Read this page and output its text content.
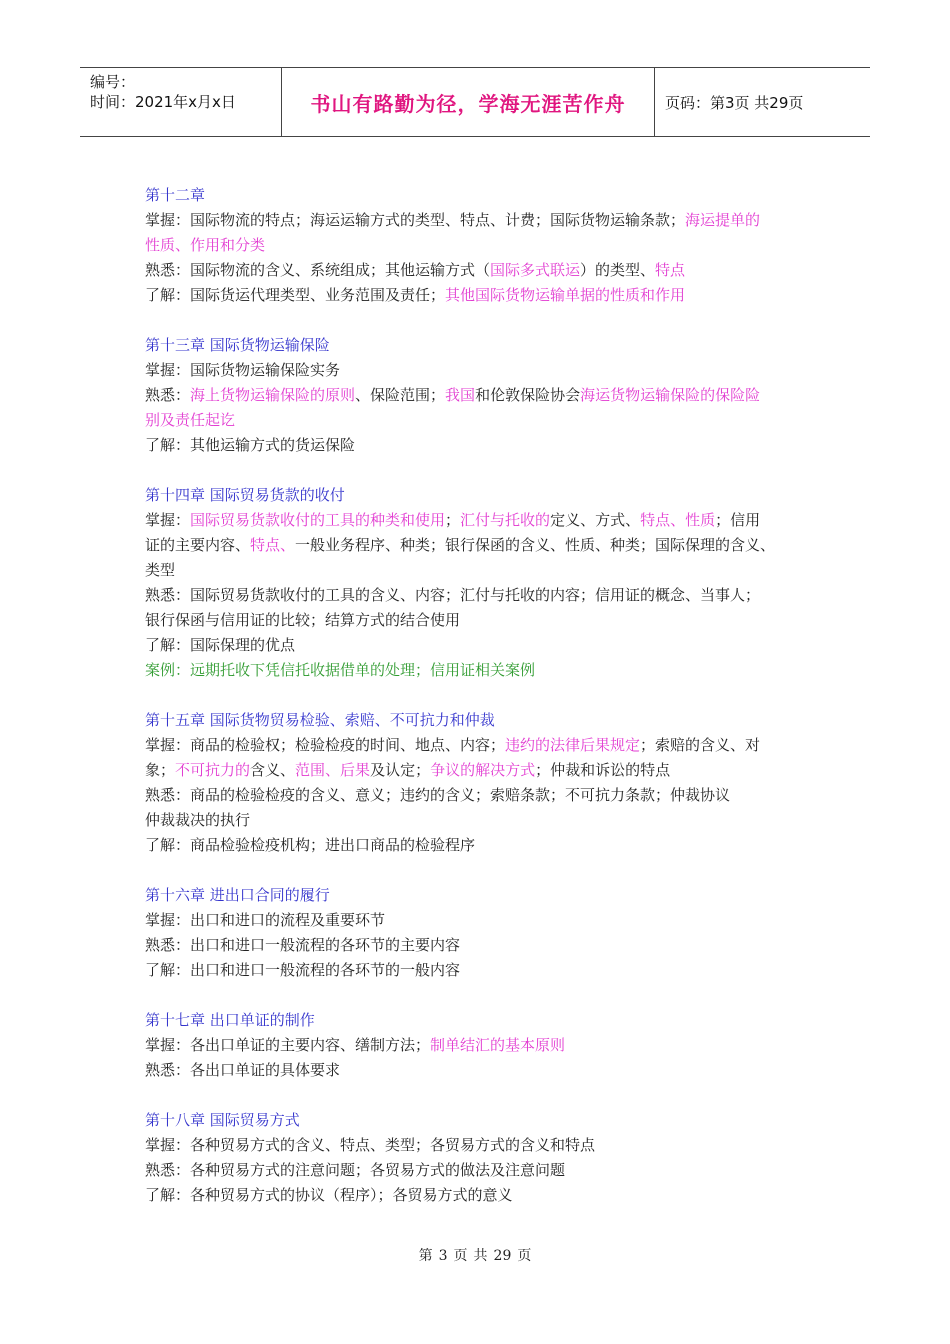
编号：
时间：2021年x月x日	书山有路勤为径，学海无涯苦作舟	页码：第3页 共29页
第十二章
掌握：国际物流的特点；海运运输方式的类型、特点、计费；国际货物运输条款；海运提单的
性质、作用和分类
熟悉：国际物流的含义、系统组成；其他运输方式（国际多式联运）的类型、特点
了解：国际货运代理类型、业务范围及责任；其他国际货物运输单据的性质和作用
第十三章 国际货物运输保险
掌握：国际货物运输保险实务
熟悉：海上货物运输保险的原则、保险范围；我国和伦敦保险协会海运货物运输保险的保险险
别及责任起讫
了解：其他运输方式的货运保险
第十四章 国际贸易货款的收付
掌握：国际贸易货款收付的工具的种类和使用；汇付与托收的定义、方式、特点、性质；信用
证的主要内容、特点、一般业务程序、种类；银行保函的含义、性质、种类；国际保理的含义、
类型
熟悉：国际贸易货款收付的工具的含义、内容；汇付与托收的内容；信用证的概念、当事人；
银行保函与信用证的比较；结算方式的结合使用
了解：国际保理的优点
案例：远期托收下凭信托收据借单的处理；信用证相关案例
第十五章 国际货物贸易检验、索赔、不可抗力和仲裁
掌握：商品的检验权；检验检疫的时间、地点、内容；违约的法律后果规定；索赔的含义、对
象；不可抗力的含义、范围、后果及认定；争议的解决方式；仲裁和诉讼的特点
熟悉：商品的检验检疫的含义、意义；违约的含义；索赔条款；不可抗力条款；仲裁协议
仲裁裁决的执行
了解：商品检验检疫机构；进出口商品的检验程序
第十六章 进出口合同的履行
掌握：出口和进口的流程及重要环节
熟悉：出口和进口一般流程的各环节的主要内容
了解：出口和进口一般流程的各环节的一般内容
第十七章 出口单证的制作
掌握：各出口单证的主要内容、缮制方法；制单结汇的基本原则
熟悉：各出口单证的具体要求
第十八章 国际贸易方式
掌握：各种贸易方式的含义、特点、类型；各贸易方式的含义和特点
熟悉：各种贸易方式的注意问题；各贸易方式的做法及注意问题
了解：各种贸易方式的协议（程序）；各贸易方式的意义
第 3 页 共 29 页
